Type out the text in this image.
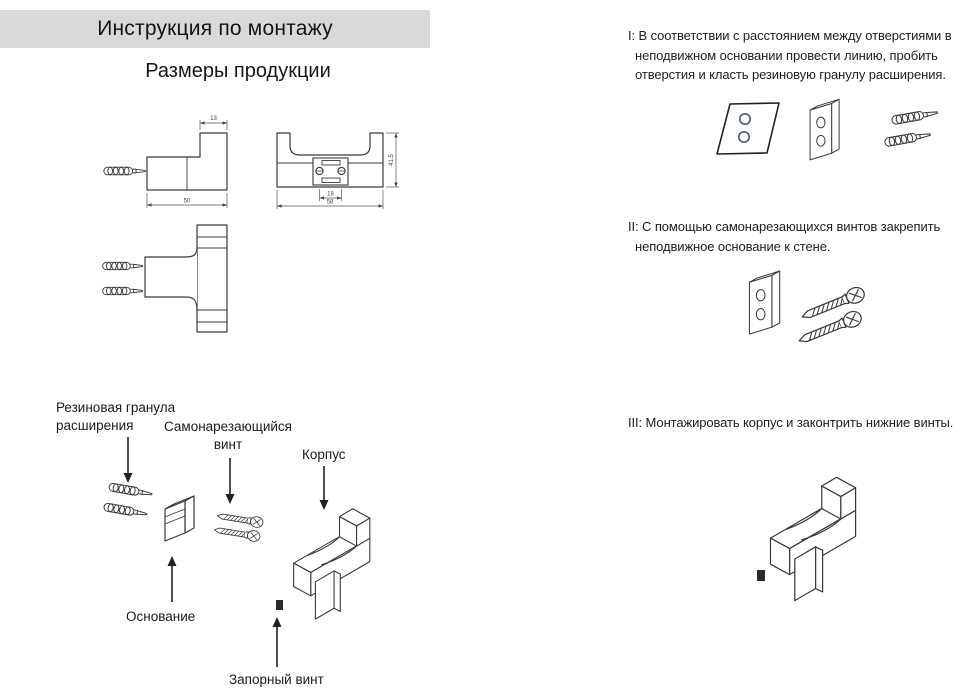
Инструкция по монтажу
Размеры продукции
13
50
41.5
18
58
Резиновая гранула расширения	Самонарезающийся винт
Корпус
Основание
Запорный винт

I: В соответствии с расстоянием между отверстиями в неподвижном основании провести линию, пробить отверстия и класть резиновую гранулу расширения.

II: С помощью самонарезающихся винтов закрепить неподвижное основание к стене.

III: Монтажировать корпус и законтрить нижние винты.
